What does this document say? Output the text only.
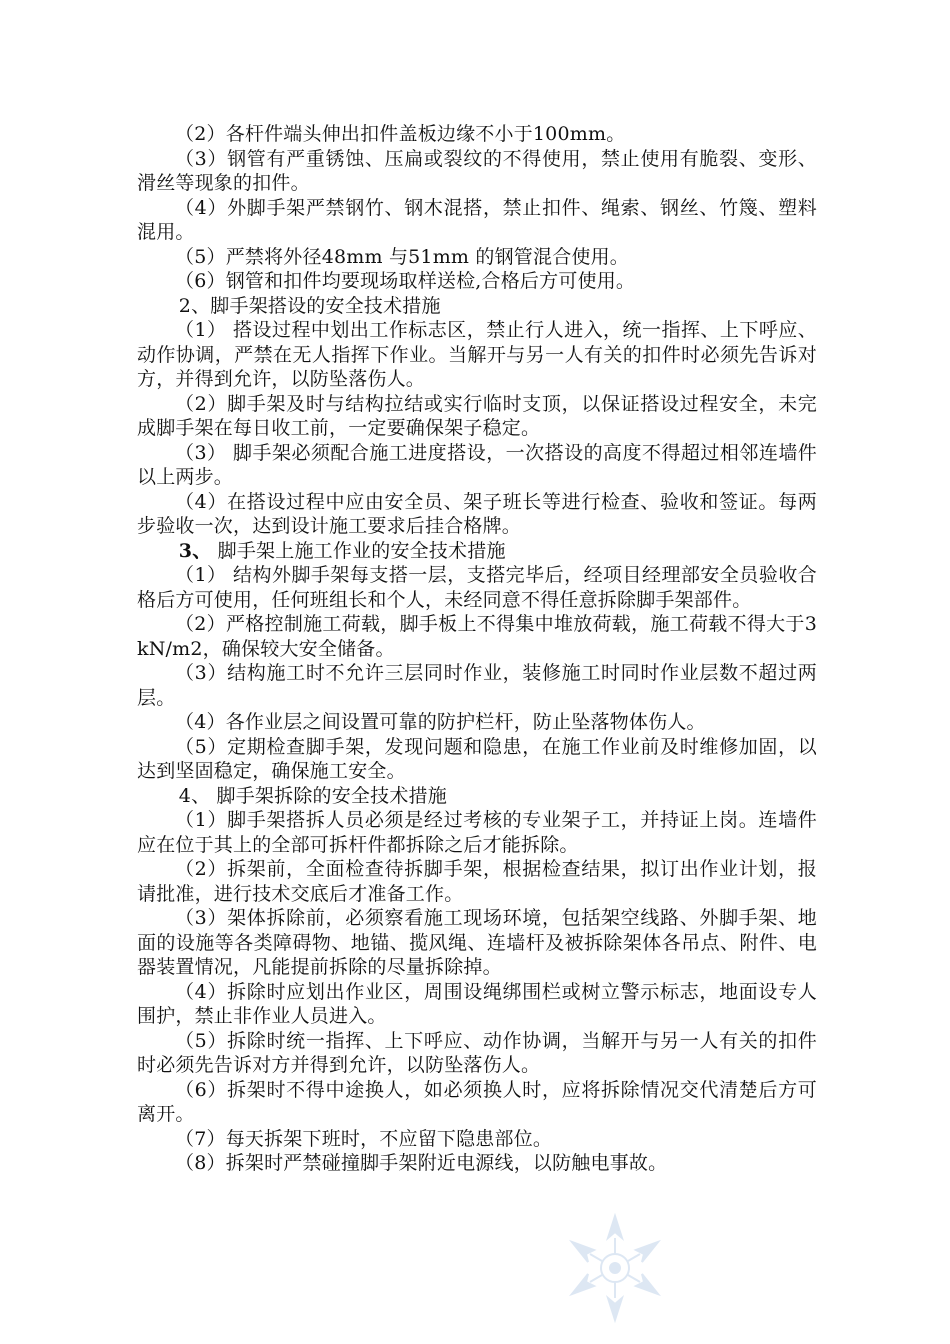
（2）各杆件端头伸出扣件盖板边缘不小于100mm。

（3）钢管有严重锈蚀、压扁或裂纹的不得使用，禁止使用有脆裂、变形、滑丝等现象的扣件。

（4）外脚手架严禁钢竹、钢木混搭，禁止扣件、绳索、钢丝、竹篾、塑料混用。

（5）严禁将外径48mm 与51mm 的钢管混合使用。

（6）钢管和扣件均要现场取样送检,合格后方可使用。

2、脚手架搭设的安全技术措施

（1） 搭设过程中划出工作标志区，禁止行人进入，统一指挥、上下呼应、动作协调，严禁在无人指挥下作业。当解开与另一人有关的扣件时必须先告诉对方，并得到允许，以防坠落伤人。

（2）脚手架及时与结构拉结或实行临时支顶，以保证搭设过程安全，未完成脚手架在每日收工前，一定要确保架子稳定。

（3） 脚手架必须配合施工进度搭设，一次搭设的高度不得超过相邻连墙件以上两步。

（4）在搭设过程中应由安全员、架子班长等进行检查、验收和签证。每两步验收一次，达到设计施工要求后挂合格牌。

3、 脚手架上施工作业的安全技术措施

（1） 结构外脚手架每支搭一层，支搭完毕后，经项目经理部安全员验收合格后方可使用，任何班组长和个人，未经同意不得任意拆除脚手架部件。

（2）严格控制施工荷载，脚手板上不得集中堆放荷载，施工荷载不得大于3kN/m2，确保较大安全储备。

（3）结构施工时不允许三层同时作业，装修施工时同时作业层数不超过两层。

（4）各作业层之间设置可靠的防护栏杆，防止坠落物体伤人。

（5）定期检查脚手架，发现问题和隐患，在施工作业前及时维修加固，以达到坚固稳定，确保施工安全。

4、 脚手架拆除的安全技术措施

（1）脚手架搭拆人员必须是经过考核的专业架子工，并持证上岗。连墙件应在位于其上的全部可拆杆件都拆除之后才能拆除。

（2）拆架前，全面检查待拆脚手架，根据检查结果，拟订出作业计划，报请批准，进行技术交底后才准备工作。

（3）架体拆除前，必须察看施工现场环境，包括架空线路、外脚手架、地面的设施等各类障碍物、地锚、揽风绳、连墙杆及被拆除架体各吊点、附件、电器装置情况，凡能提前拆除的尽量拆除掉。

（4）拆除时应划出作业区，周围设绳绑围栏或树立警示标志，地面设专人围护，禁止非作业人员进入。

（5）拆除时统一指挥、上下呼应、动作协调，当解开与另一人有关的扣件时必须先告诉对方并得到允许，以防坠落伤人。

（6）拆架时不得中途换人，如必须换人时，应将拆除情况交代清楚后方可离开。

（7）每天拆架下班时，不应留下隐患部位。

（8）拆架时严禁碰撞脚手架附近电源线，以防触电事故。
